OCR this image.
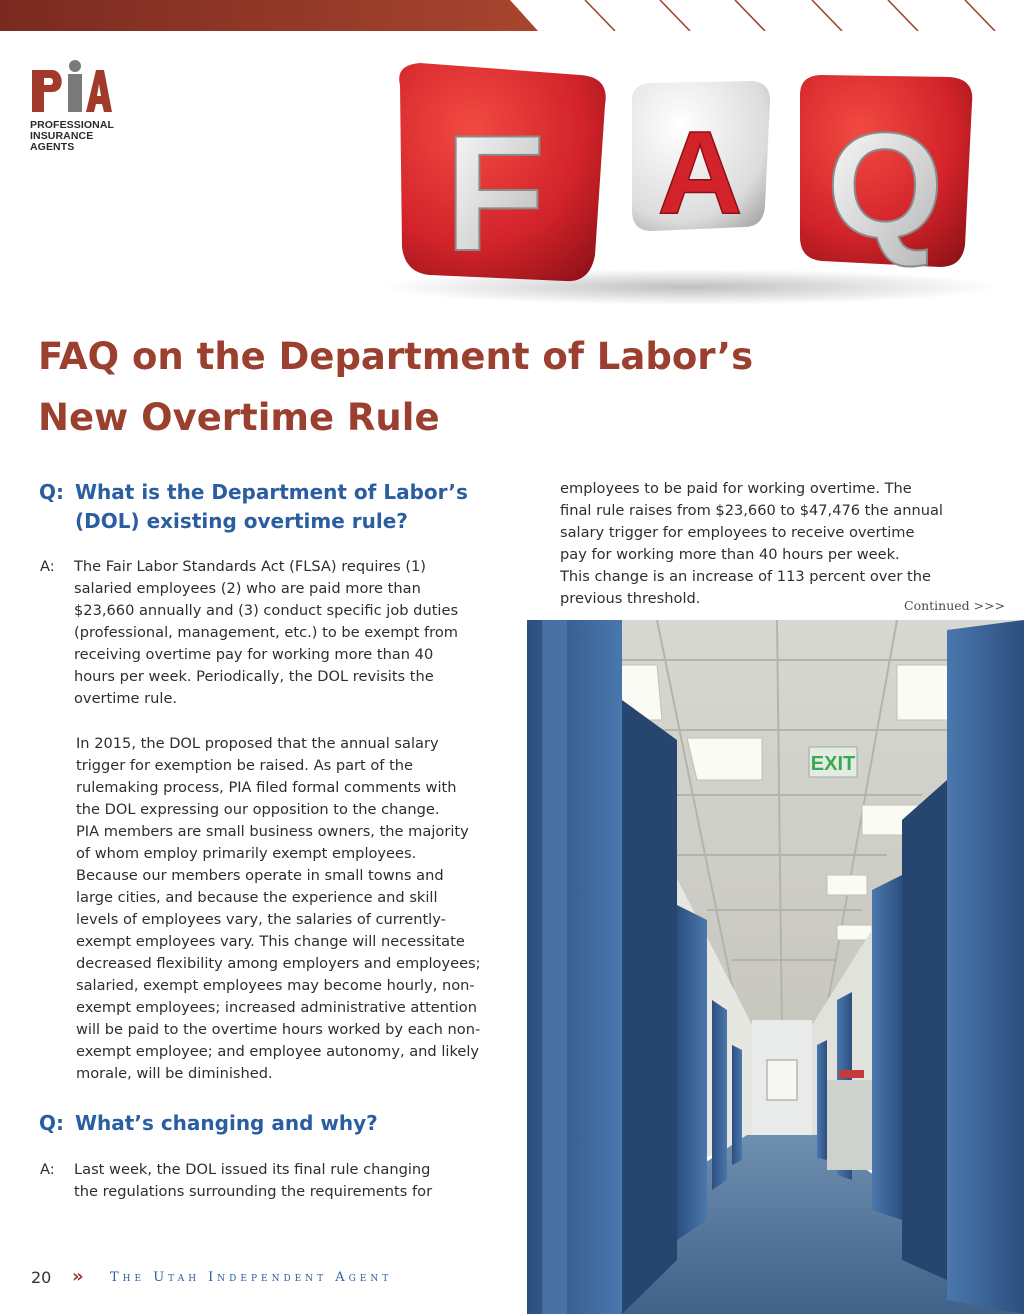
PROFESSIONAL
INSURANCE
AGENTS	F A Q
FAQ on the Department of Labor’s
New Overtime Rule
Q: What is the Department of Labor’s
(DOL) existing overtime rule?
A: The Fair Labor Standards Act (FLSA) requires (1)
salaried employees (2) who are paid more than
$23,660 annually and (3) conduct specific job duties
(professional, management, etc.) to be exempt from
receiving overtime pay for working more than 40
hours per week. Periodically, the DOL revisits the
overtime rule.
In 2015, the DOL proposed that the annual salary
trigger for exemption be raised. As part of the
rulemaking process, PIA filed formal comments with
the DOL expressing our opposition to the change.
PIA members are small business owners, the majority
of whom employ primarily exempt employees.
Because our members operate in small towns and
large cities, and because the experience and skill
levels of employees vary, the salaries of currently-
exempt employees vary. This change will necessitate
decreased flexibility among employers and employees;
salaried, exempt employees may become hourly, non-
exempt employees; increased administrative attention
will be paid to the overtime hours worked by each non-
exempt employee; and employee autonomy, and likely
morale, will be diminished.
Q: What’s changing and why?
A: Last week, the DOL issued its final rule changing
the regulations surrounding the requirements for
employees to be paid for working overtime. The
final rule raises from $23,660 to $47,476 the annual
salary trigger for employees to receive overtime
pay for working more than 40 hours per week.
This change is an increase of 113 percent over the
previous threshold.	Continued >>>
EXIT
20 » The Utah Independent Agent
